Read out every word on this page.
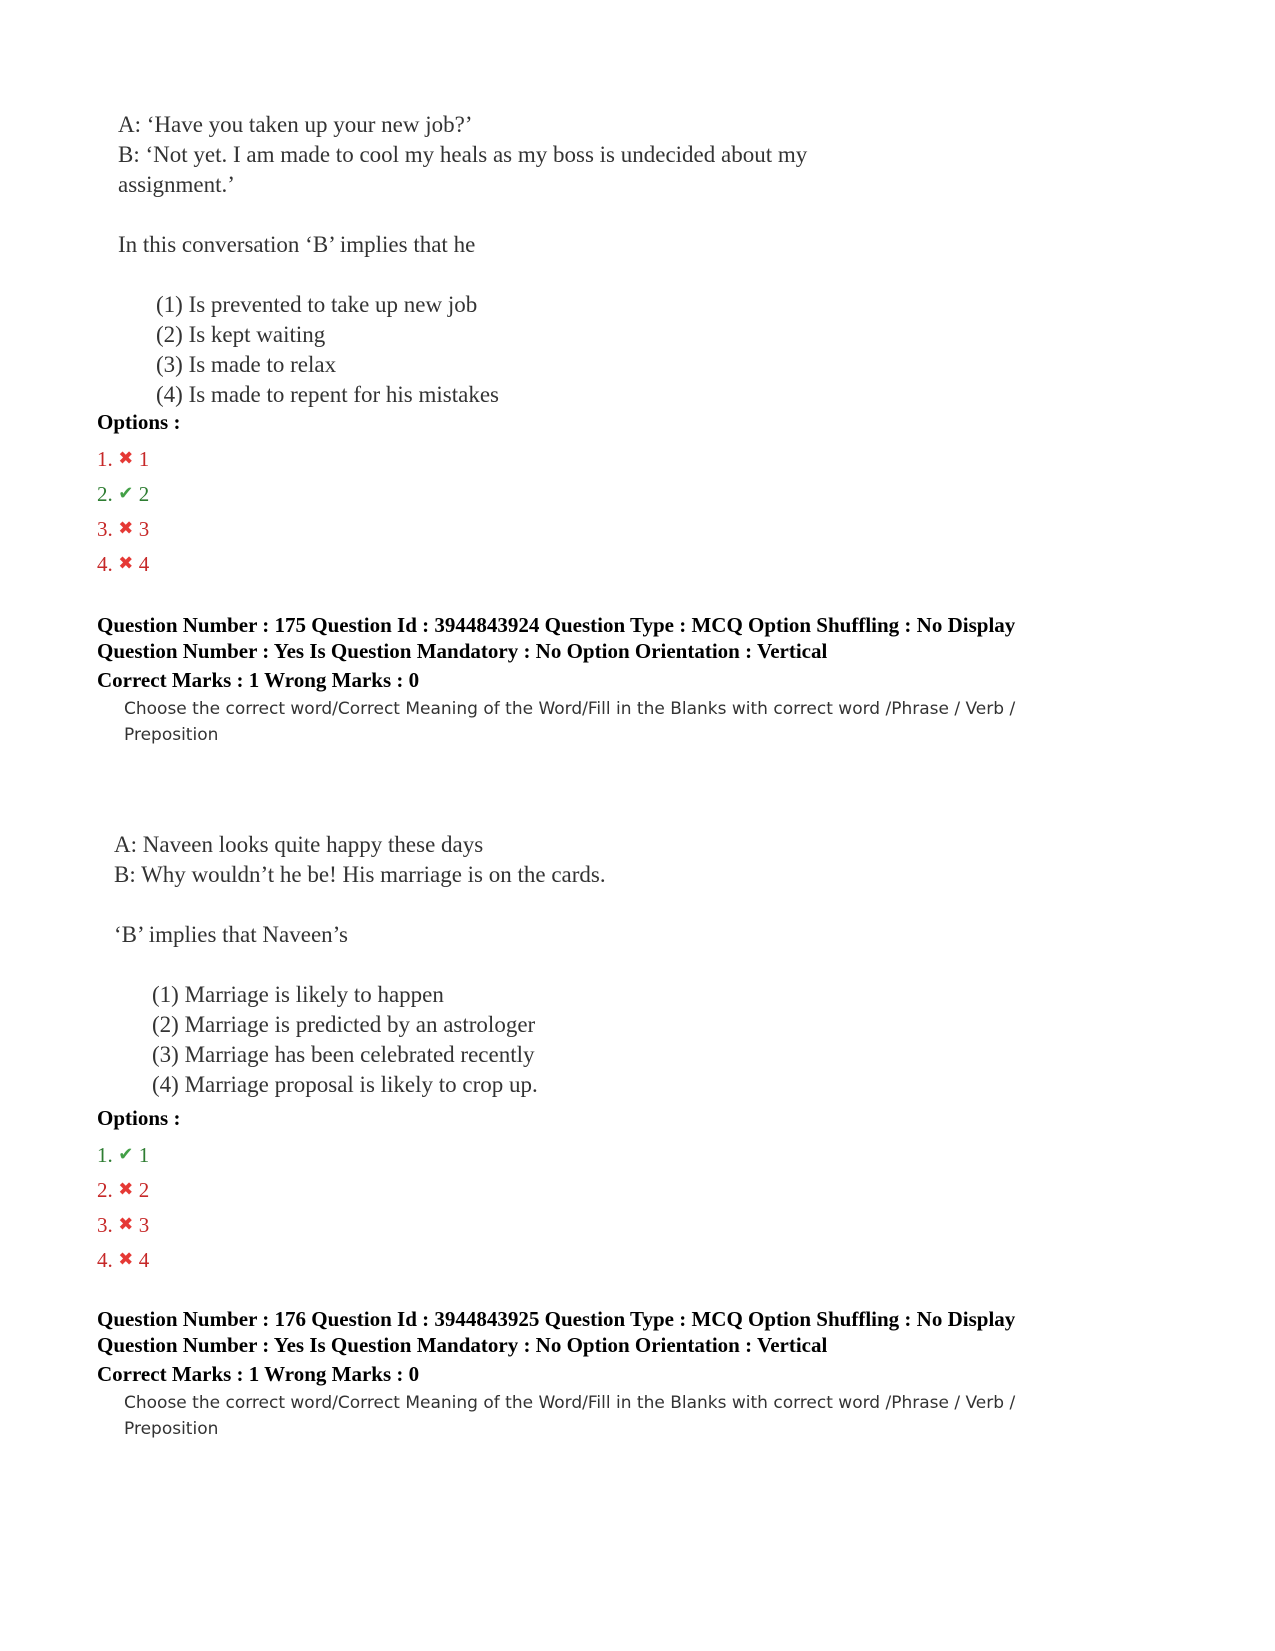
A: ‘Have you taken up your new job?’
B: ‘Not yet. I am made to cool my heals as my boss is undecided about my
assignment.’
In this conversation ‘B’ implies that he
(1) Is prevented to take up new job
(2) Is kept waiting
(3) Is made to relax
(4) Is made to repent for his mistakes
Options :
1. ✖ 1
2. ✔ 2
3. ✖ 3
4. ✖ 4
Question Number : 175 Question Id : 3944843924 Question Type : MCQ Option Shuffling : No Display
Question Number : Yes Is Question Mandatory : No Option Orientation : Vertical
Correct Marks : 1 Wrong Marks : 0
Choose the correct word/Correct Meaning of the Word/Fill in the Blanks with correct word /Phrase / Verb /
Preposition
A: Naveen looks quite happy these days
B: Why wouldn’t he be! His marriage is on the cards.
‘B’ implies that Naveen’s
(1) Marriage is likely to happen
(2) Marriage is predicted by an astrologer
(3) Marriage has been celebrated recently
(4) Marriage proposal is likely to crop up.
Options :
1. ✔ 1
2. ✖ 2
3. ✖ 3
4. ✖ 4
Question Number : 176 Question Id : 3944843925 Question Type : MCQ Option Shuffling : No Display
Question Number : Yes Is Question Mandatory : No Option Orientation : Vertical
Correct Marks : 1 Wrong Marks : 0
Choose the correct word/Correct Meaning of the Word/Fill in the Blanks with correct word /Phrase / Verb /
Preposition
